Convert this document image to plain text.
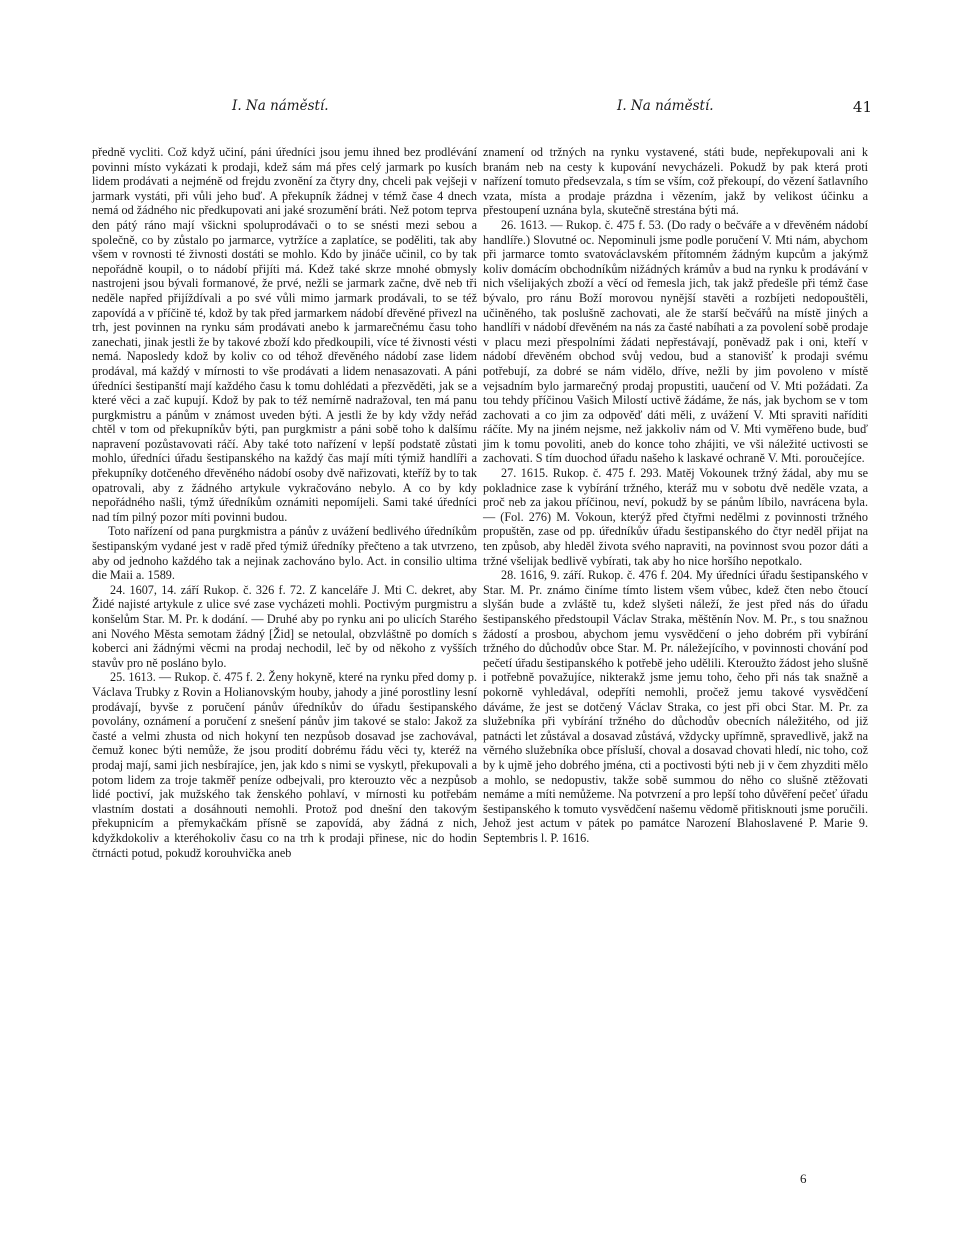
I. Na náměstí.	I. Na náměstí.	41

předně vycliti. Což když učiní, páni úředníci jsou jemu ihned bez prodlévání povinni místo vykázati k prodaji, kdež sám má přes celý jarmark po kusích lidem prodávati a nejméně od frejdu zvonění za čtyry dny, chceli pak vejšeji v jarmark vystáti, při vůli jeho buď. A překupník žádnej v témž čase 4 dnech nemá od žádného nic předkupovati ani jaké srozumění bráti. Než potom teprva den pátý ráno mají všickni spoluprodávači o to se snésti mezi sebou a společně, co by zůstalo po jarmarce, vytržíce a zaplatíce, se poděliti, tak aby všem v rovnosti té živnosti dostáti se mohlo. Kdo by jináče učinil, co by tak nepořádně koupil, o to nádobí přijíti má. Kdež také skrze mnohé obmysly nastrojeni jsou bývali formanové, že prvé, nežli se jarmark začne, dvě neb tři neděle napřed přijíždívali a po své vůli mimo jarmark prodávali, to se též zapovídá a v příčině té, kdož by tak před jarmarkem nádobí dřevěné přivezl na trh, jest povinnen na rynku sám prodávati anebo k jarmarečnému času toho zanechati, jinak jestli že by takové zboží kdo předkoupili, více té živnosti vésti nemá. Naposledy kdož by koliv co od téhož dřevěného nádobí zase lidem prodával, má každý v mírnosti to vše prodávati a lidem nenasazovati. A páni úředníci šestipanští mají každého času k tomu dohlédati a přezvěděti, jak se a které věci a zač kupují. Kdož by pak to též nemírně nadražoval, ten má panu purgkmistru a pánům v známost uveden býti. A jestli že by kdy vždy neřád chtěl v tom od překupníkův býti, pan purgkmistr a páni sobě toho k dalšímu napravení pozůstavovati ráčí. Aby také toto nařízení v lepší podstatě zůstati mohlo, úředníci úřadu šestipanského na každý čas mají míti týmiž handlíři a překupníky dotčeného dřevěného nádobí osoby dvě nařizovati, kteříž by to tak opatrovali, aby z žádného artykule vykračováno nebylo. A co by kdy nepořádného našli, týmž úředníkům oznámiti nepomíjeli. Sami také úředníci nad tím pilný pozor míti povinni budou.

Toto nařízení od pana purgkmistra a pánův z uvážení bedlivého úředníkům šestipanským vydané jest v radě před týmiž úředníky přečteno a tak utvrzeno, aby od jednoho každého tak a nejinak zachováno bylo. Act. in consilio ultima die Maii a. 1589.

24. 1607, 14. září Rukop. č. 326 f. 72. Z kanceláře J. Mti C. dekret, aby Židé najisté artykule z ulice své zase vycházeti mohli. Poctivým purgmistru a konšelům Star. M. Pr. k dodání. — Druhé aby po rynku ani po ulicích Starého ani Nového Města semotam žádný [Žid] se netoulal, obzvláštně po domích s koberci ani žádnými věcmi na prodaj nechodil, leč by od někoho z vyšších stavův pro ně posláno bylo.

25. 1613. — Rukop. č. 475 f. 2. Ženy hokyně, které na rynku před domy p. Václava Trubky z Rovin a Holianovským houby, jahody a jiné porostliny lesní prodávají, byvše z poručení pánův úředníkův do úřadu šestipanského povolány, oznámení a poručení z snešení pánův jim takové se stalo: Jakož za časté a velmi zhusta od nich hokyní ten nezpůsob dosavad jse zachovával, čemuž konec býti nemůže, že jsou prodití dobrému řádu věci ty, kteréž na prodaj mají, sami jich nesbírajíce, jen, jak kdo s nimi se vyskytl, překupovali a potom lidem za troje takměř peníze odbejvali, pro kterouzto věc a nezpůsob lidé poctiví, jak mužského tak ženského pohlaví, v mírnosti ku potřebám vlastním dostati a dosáhnouti nemohli. Protož pod dnešní den takovým překupnicím a přemykačkám přísně se zapovídá, aby žádná z nich, kdyžkdokoliv a kteréhokoliv času co na trh k prodaji přinese, nic do hodin čtrnácti potud, pokudž korouhvička aneb

znamení od tržných na rynku vystavené, státi bude, nepřekupovali ani k branám neb na cesty k kupování nevycházeli. Pokudž by pak která proti nařízení tomuto předsevzala, s tím se vším, což překoupí, do vězení šatlavního vzata, místa a prodaje prázdna i vězením, jakž by velikost účinku a přestoupení uznána byla, skutečně strestána býti má.

26. 1613. — Rukop. č. 475 f. 53. (Do rady o bečváře a v dřevěném nádobí handlíře.) Slovutné oc. Nepominuli jsme podle poručení V. Mti nám, abychom při jarmarce tomto svatováclavském přítomném žádným kupcům a jakýmž koliv domácím obchodníkům nižádných krámův a bud na rynku k prodávání v nich všelijakých zboží a věcí od řemesla jich, tak jakž předešle při témž čase bývalo, pro ránu Boží morovou nynější stavěti a rozbíjeti nedopouštěli, učiněného, tak poslušně zachovati, ale že starší bečvářů na místě jiných a handlíři v nádobí dřevěném na nás za časté nabíhati a za povolení sobě prodaje v placu mezi přespolními žádati nepřestávají, poněvadž pak i oni, kteří v nádobí dřevěném obchod svůj vedou, bud a stanovišť k prodaji svému potřebují, za dobré se nám vidělo, dříve, nežli by jim povoleno v místě vejsadním bylo jarmarečný prodaj propustiti, uaučení od V. Mti požádati. Za tou tehdy příčinou Vašich Milostí uctivě žádáme, že nás, jak bychom se v tom zachovati a co jim za odpověď dáti měli, z uvážení V. Mti spraviti naříditi ráčíte. My na jiném nejsme, než jakkoliv nám od V. Mti vyměřeno bude, buď jim k tomu povoliti, aneb do konce toho zhájiti, ve vši náležité uctivosti se zachovati. S tím duochod úřadu našeho k laskavé ochraně V. Mti. poroučejíce.

27. 1615. Rukop. č. 475 f. 293. Matěj Vokounek tržný žádal, aby mu se pokladnice zase k vybírání tržného, kteráž mu v sobotu dvě neděle vzata, a proč neb za jakou příčinou, neví, pokudž by se pánům líbilo, navrácena byla. — (Fol. 276) M. Vokoun, kterýž před čtyřmi nedělmi z povinnosti tržného propuštěn, zase od pp. úředníkův úřadu šestipanského do čtyr neděl přijat na ten způsob, aby hleděl života svého napraviti, na povinnost svou pozor dáti a tržné všelijak bedlivě vybírati, tak aby ho nice horšího nepotkalo.

28. 1616, 9. září. Rukop. č. 476 f. 204. My úředníci úřadu šestipanského v Star. M. Pr. známo činíme tímto listem všem vůbec, kdež čten nebo čtoucí slyšán bude a zvláště tu, kdež slyšeti náleží, že jest před nás do úřadu šestipanského předstoupil Václav Straka, měštěnín Nov. M. Pr., s tou snažnou žádostí a prosbou, abychom jemu vysvědčení o jeho dobrém při vybírání tržného do důchodův obce Star. M. Pr. náležejícího, v povinnosti chování pod pečetí úřadu šestipanského k potřebě jeho udělili. Kteroužto žádost jeho slušně i potřebně považujíce, nikterakž jsme jemu toho, čeho při nás tak snažně a pokorně vyhledával, odepříti nemohli, pročež jemu takové vysvědčení dáváme, že jest se dotčený Václav Straka, co jest při obci Star. M. Pr. za služebníka při vybírání tržného do důchodův obecních náležitého, od již patnácti let zůstával a dosavad zůstává, vždycky upřímně, spravedlivě, jakž na věrného služebníka obce přísluší, choval a dosavad chovati hledí, nic toho, což by k ujmě jeho dobrého jména, cti a poctivosti býti neb ji v čem zhyzditi mělo a mohlo, se nedopustiv, takže sobě summou do něho co slušně ztěžovati nemáme a míti nemůžeme. Na potvrzení a pro lepší toho důvěření pečeť úřadu šestipanského k tomuto vysvědčení našemu vědomě přitisknouti jsme poručili. Jehož jest actum v pátek po památce Narození Blahoslavené P. Marie 9. Septembris l. P. 1616.

6
